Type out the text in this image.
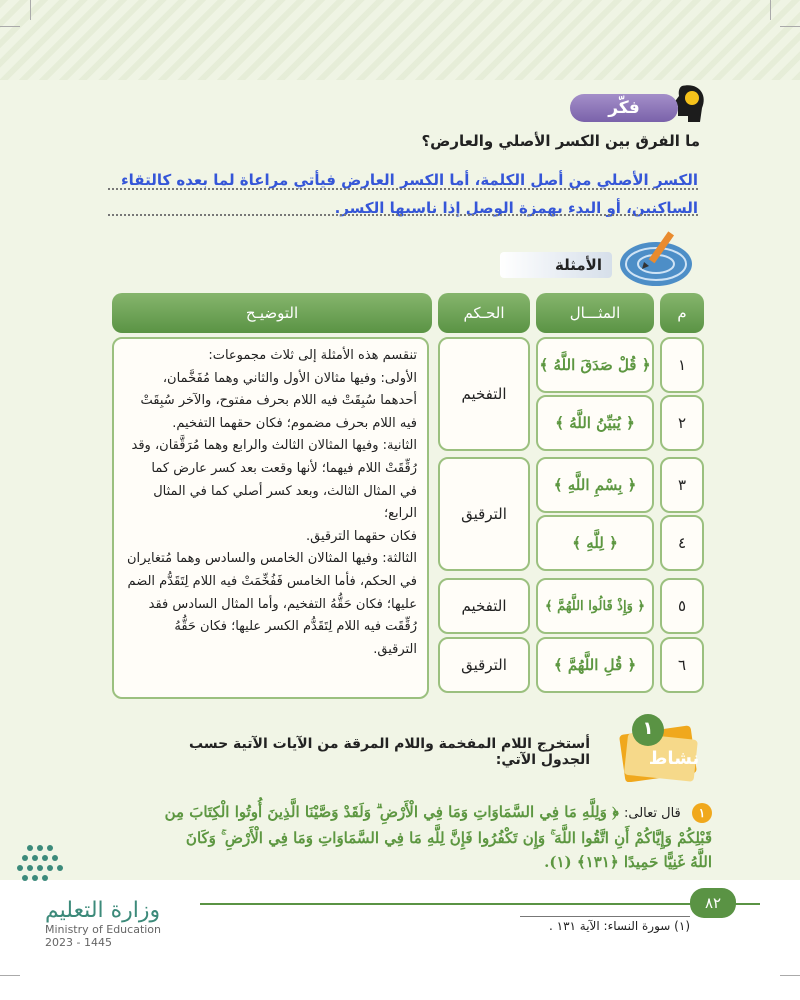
فكّر
ما الفرق بين الكسر الأصلي والعارض؟
الكسر الأصلي من أصل الكلمة، أما الكسر العارض فيأتي مراعاة لما بعده كالتقاء
الساكنين، أو البدء بهمزة الوصل إذا ناسبها الكسر.
الأمثلة
م
المثـــال
الحـكم
التوضيـح
١
٢
٣
٤
٥
٦
﴿ قُلْ صَدَقَ اللَّهُ ﴾
﴿ يُبَيِّنُ اللَّهُ ﴾
﴿ بِسْمِ اللَّهِ ﴾
﴿ لِلَّهِ ﴾
﴿ وَإِذْ قَالُوا اللَّهُمَّ ﴾
﴿ قُلِ اللَّهُمَّ ﴾
التفخيم
الترقيق
التفخيم
الترقيق
تنقسم هذه الأمثلة إلى ثلاث مجموعات:
الأولى: وفيها مثالان الأول والثاني وهما مُفَخَّمان،
أحدهما سُبِقَتْ فيه اللام بحرف مفتوح، والآخر سُبِقَتْ
فيه اللام بحرف مضموم؛ فكان حقهما التفخيم.
الثانية: وفيها المثالان الثالث والرابع وهما مُرَقَّقان، وقد
رُقِّقَتْ اللام فيهما؛ لأنها وقعت بعد كسر عارض كما
في المثال الثالث، وبعد كسر أصلي كما في المثال الرابع؛
فكان حقهما الترقيق.
الثالثة: وفيها المثالان الخامس والسادس وهما مُتغايران
في الحكم، فأما الخامس فَفُخِّمَتْ فيه اللام لِتَقَدُّم الضم
عليها؛ فكان حَقُّهُ التفخيم، وأما المثال السادس فقد
رُقِّقَت فيه اللام لِتَقَدُّم الكسر عليها؛ فكان حَقُّهُ
الترقيق.
١
نشاط
أستخرج اللام المفخمة واللام المرقة من الآيات الآتية حسب الجدول الآتي:
١ قال تعالى: ﴿ وَلِلَّهِ مَا فِي السَّمَاوَاتِ وَمَا فِي الْأَرْضِ ۗ وَلَقَدْ وَصَّيْنَا الَّذِينَ أُوتُوا الْكِتَابَ مِن
قَبْلِكُمْ وَإِيَّاكُمْ أَنِ اتَّقُوا اللَّهَ ۚ وَإِن تَكْفُرُوا فَإِنَّ لِلَّهِ مَا فِي السَّمَاوَاتِ وَمَا فِي الْأَرْضِ ۚ وَكَانَ
اللَّهُ غَنِيًّا حَمِيدًا ﴿١٣١﴾ (١).
٨٢
(١) سورة النساء: الآية ١٣١ .
وزارة التعليم
Ministry of Education
2023 - 1445
